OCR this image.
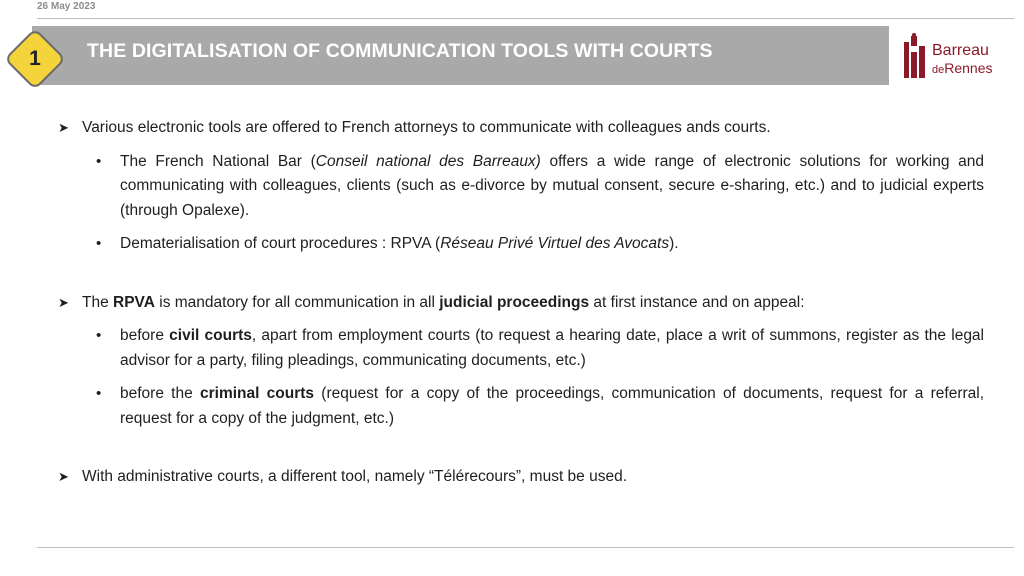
26 May 2023
THE DIGITALISATION OF COMMUNICATION TOOLS WITH COURTS
1	Barreau
deRennes
➤ Various electronic tools are offered to French attorneys to communicate with colleagues ands courts.
•	The French National Bar (Conseil national des Barreaux) offers a wide range of electronic solutions for working and communicating with colleagues, clients (such as e-divorce by mutual consent, secure e-sharing, etc.) and to judicial experts (through Opalexe).
•	Dematerialisation of court procedures : RPVA (Réseau Privé Virtuel des Avocats).
➤ The RPVA is mandatory for all communication in all judicial proceedings at first instance and on appeal:
•	before civil courts, apart from employment courts (to request a hearing date, place a writ of summons, register as the legal advisor for a party, filing pleadings, communicating documents, etc.)
•	before the criminal courts (request for a copy of the proceedings, communication of documents, request for a referral, request for a copy of the judgment, etc.)
➤ With administrative courts, a different tool, namely “Télérecours”, must be used.
